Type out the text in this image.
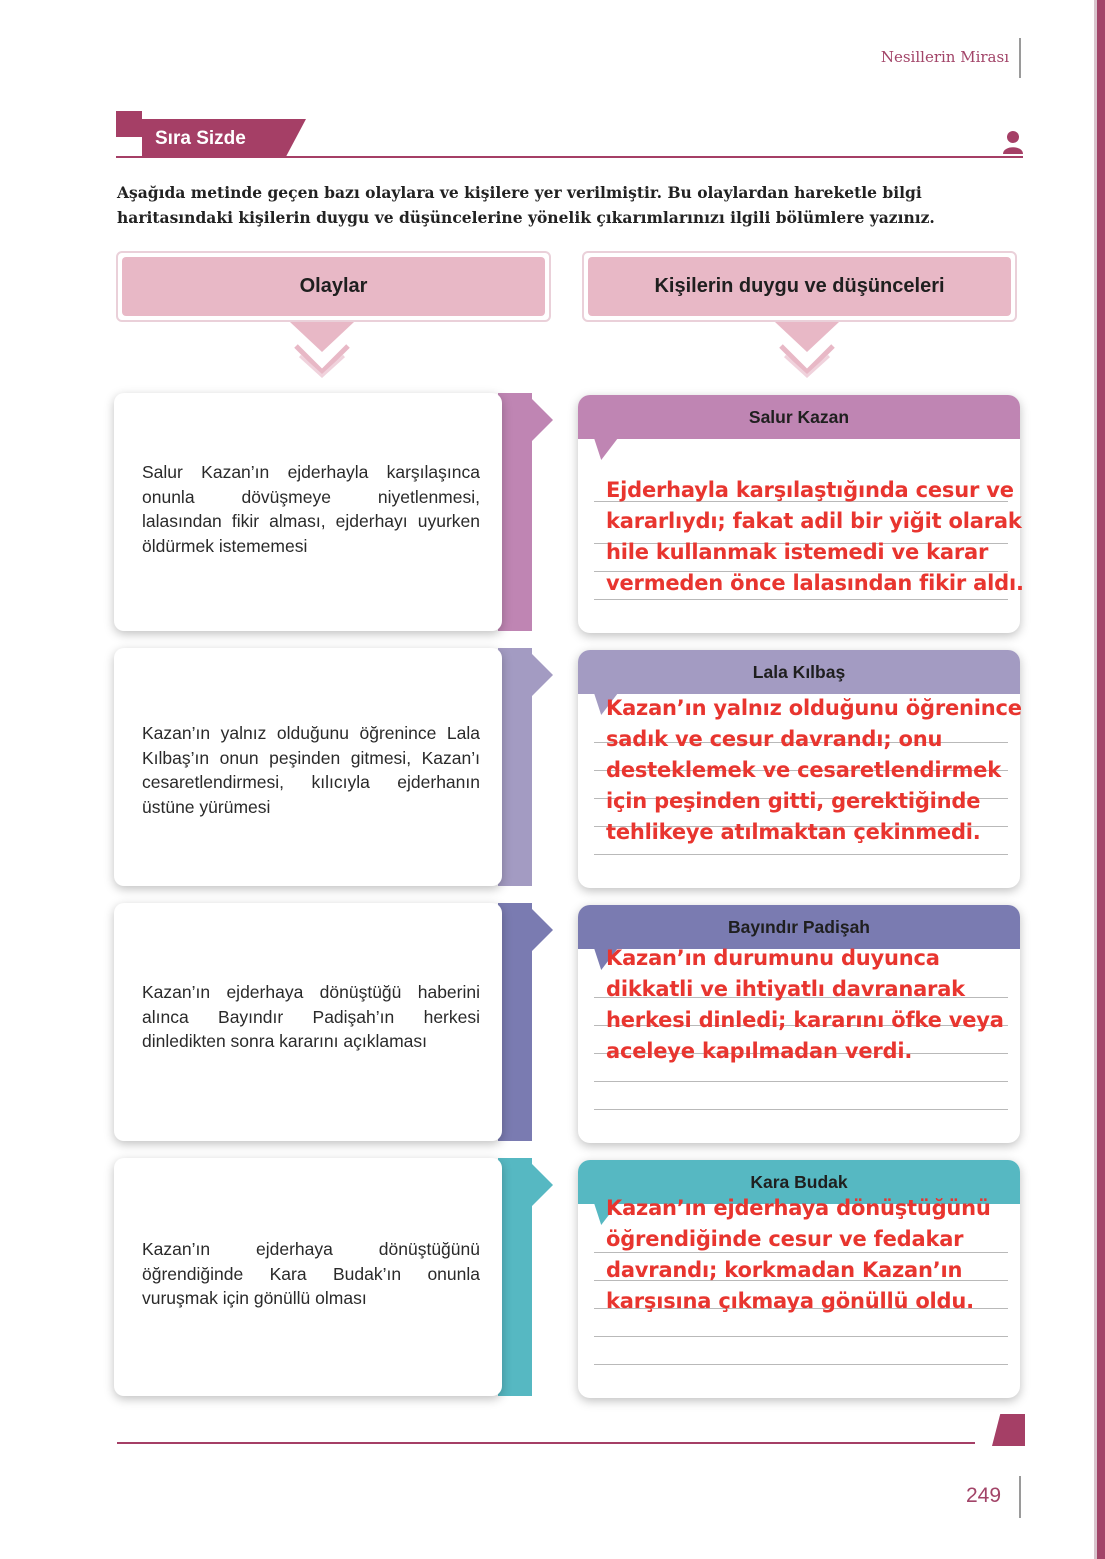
Nesillerin Mirası
Sıra Sizde
Aşağıda metinde geçen bazı olaylara ve kişilere yer verilmiştir. Bu olaylardan hareketle bilgi haritasındaki kişilerin duygu ve düşüncelerine yönelik çıkarımlarınızı ilgili bölümlere yazınız.
Olaylar	Kişilerin duygu ve düşünceleri
Salur Kazan’ın ejderhayla karşılaşınca onunla dövüşmeye niyetlenmesi, lalasından fikir alması, ejderhayı uyurken öldürmek istememesi
Salur Kazan
Ejderhayla karşılaştığında cesur ve kararlıydı; fakat adil bir yiğit olarak hile kullanmak istemedi ve karar vermeden önce lalasından fikir aldı.
Kazan’ın yalnız olduğunu öğrenince Lala Kılbaş’ın onun peşinden gitmesi, Kazan’ı cesaretlendirmesi, kılıcıyla ejderhanın üstüne yürümesi
Lala Kılbaş
Kazan’ın yalnız olduğunu öğrenince sadık ve cesur davrandı; onu desteklemek ve cesaretlendirmek için peşinden gitti, gerektiğinde tehlikeye atılmaktan çekinmedi.
Kazan’ın ejderhaya dönüştüğü haberini alınca Bayındır Padişah’ın herkesi dinledikten sonra kararını açıklaması
Bayındır Padişah
Kazan’ın durumunu duyunca dikkatli ve ihtiyatlı davranarak herkesi dinledi; kararını öfke veya aceleye kapılmadan verdi.
Kazan’ın ejderhaya dönüştüğünü öğrendiğinde Kara Budak’ın onunla vuruşmak için gönüllü olması
Kara Budak
Kazan’ın ejderhaya dönüştüğünü öğrendiğinde cesur ve fedakar davrandı; korkmadan Kazan’ın karşısına çıkmaya gönüllü oldu.
249
